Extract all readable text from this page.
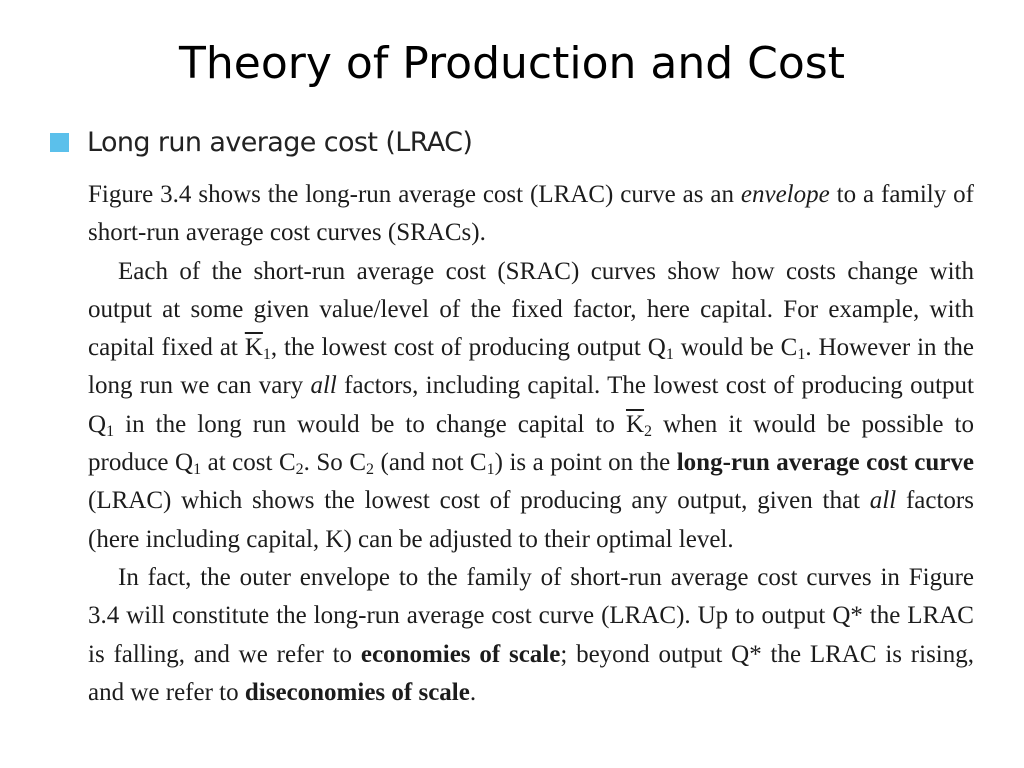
Theory of Production and Cost
Long run average cost (LRAC)

Figure 3.4 shows the long-run average cost (LRAC) curve as an envelope to a family of short-run average cost curves (SRACs).

Each of the short-run average cost (SRAC) curves show how costs change with output at some given value/level of the fixed factor, here capital. For example, with capital fixed at $\overline{K}_1$, the lowest cost of producing output $Q_1$ would be $C_1$. However in the long run we can vary all factors, including capital. The lowest cost of producing output $Q_1$ in the long run would be to change capital to $\overline{K}_2$ when it would be possible to produce $Q_1$ at cost $C_2$. So $C_2$ (and not $C_1$) is a point on the long-run average cost curve (LRAC) which shows the lowest cost of producing any output, given that all factors (here including capital, K) can be adjusted to their optimal level.

In fact, the outer envelope to the family of short-run average cost curves in Figure 3.4 will constitute the long-run average cost curve (LRAC). Up to output Q* the LRAC is falling, and we refer to economies of scale; beyond output Q* the LRAC is rising, and we refer to diseconomies of scale.
